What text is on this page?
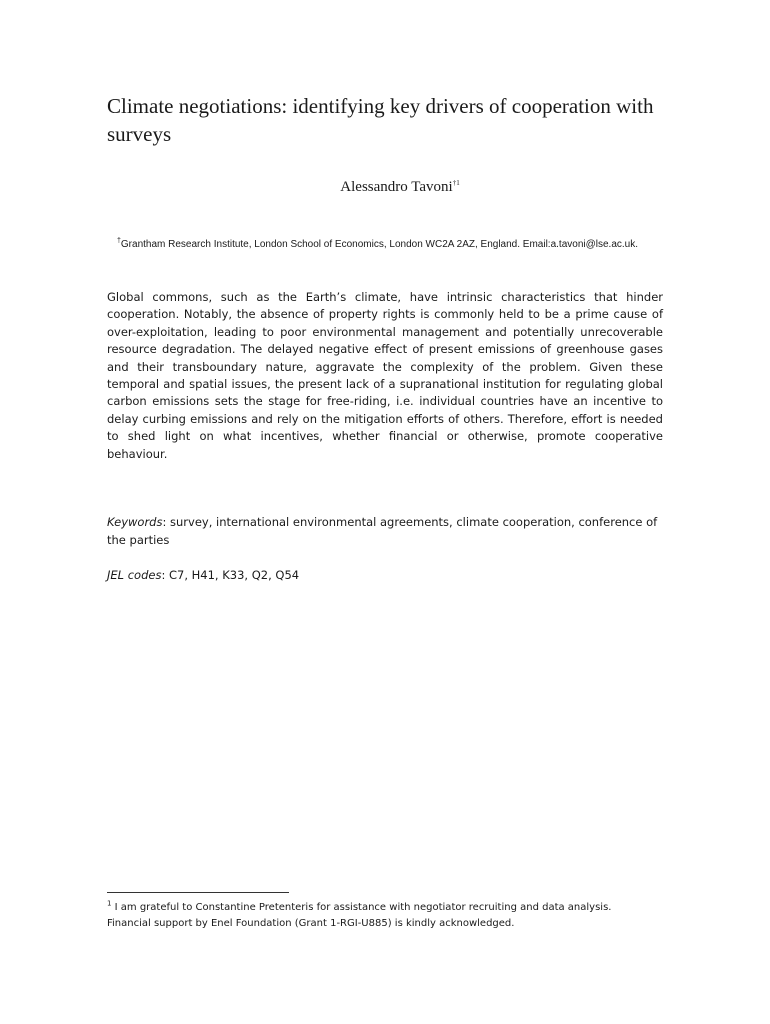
Climate negotiations: identifying key drivers of cooperation with surveys
Alessandro Tavoni$^{\dagger 1}$
†Grantham Research Institute, London School of Economics, London WC2A 2AZ, England. Email:a.tavoni@lse.ac.uk.

Global commons, such as the Earth’s climate, have intrinsic characteristics that hinder cooperation. Notably, the absence of property rights is commonly held to be a prime cause of over-exploitation, leading to poor environmental management and potentially unrecoverable resource degradation. The delayed negative effect of present emissions of greenhouse gases and their transboundary nature, aggravate the complexity of the problem. Given these temporal and spatial issues, the present lack of a supranational institution for regulating global carbon emissions sets the stage for free-riding, i.e. individual countries have an incentive to delay curbing emissions and rely on the mitigation efforts of others. Therefore, effort is needed to shed light on what incentives, whether financial or otherwise, promote cooperative behaviour.

Keywords: survey, international environmental agreements, climate cooperation, conference of the parties

JEL codes: C7, H41, K33, Q2, Q54

$^1$ I am grateful to Constantine Pretenteris for assistance with negotiator recruiting and data analysis.
Financial support by Enel Foundation (Grant 1-RGI-U885) is kindly acknowledged.
